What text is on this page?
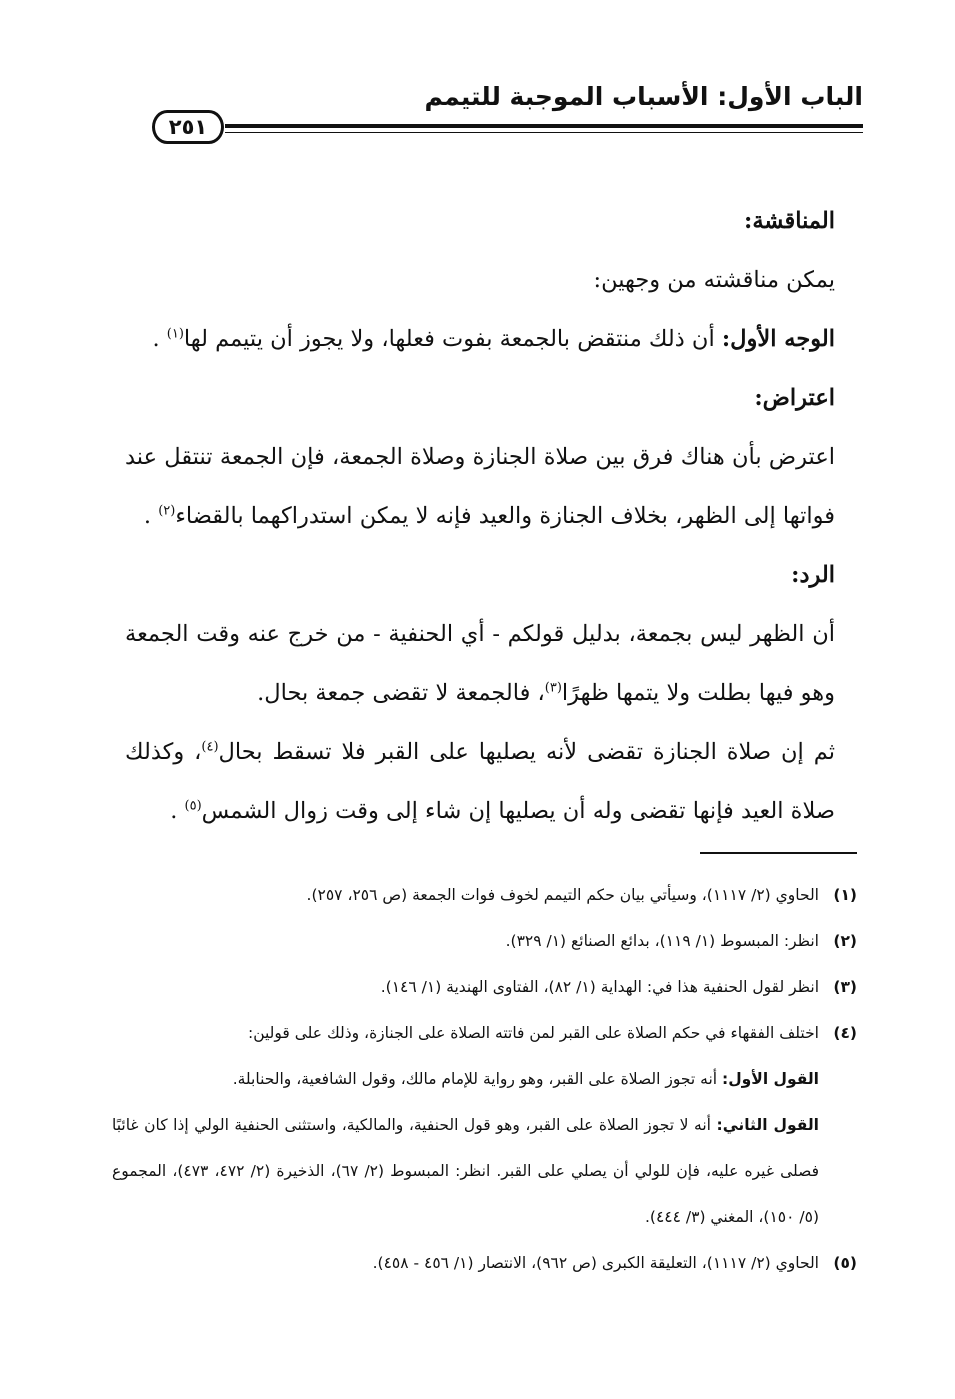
الباب الأول: الأسباب الموجبة للتيمم
٢٥١

المناقشة:

يمكن مناقشته من وجهين:

الوجه الأول: أن ذلك منتقض بالجمعة بفوت فعلها، ولا يجوز أن يتيمم لها$^{(١)}$ .

اعتراض:

اعترض بأن هناك فرق بين صلاة الجنازة وصلاة الجمعة، فإن الجمعة تنتقل عند فواتها إلى الظهر، بخلاف الجنازة والعيد فإنه لا يمكن استدراكهما بالقضاء$^{(٢)}$ .

الرد:

أن الظهر ليس بجمعة، بدليل قولكم - أي الحنفية - من خرج عنه وقت الجمعة وهو فيها بطلت ولا يتمها ظهرًا$^{(٣)}$، فالجمعة لا تقضى جمعة بحال.

ثم إن صلاة الجنازة تقضى لأنه يصليها على القبر فلا تسقط بحال$^{(٤)}$، وكذلك صلاة العيد فإنها تقضى وله أن يصليها إن شاء إلى وقت زوال الشمس$^{(٥)}$ .

(١)
الحاوي (٢/ ١١١٧)، وسيأتي بيان حكم التيمم لخوف فوات الجمعة (ص ٢٥٦، ٢٥٧).
(٢)
انظر: المبسوط (١/ ١١٩)، بدائع الصنائع (١/ ٣٢٩).
(٣)
انظر لقول الحنفية هذا في: الهداية (١/ ٨٢)، الفتاوى الهندية (١/ ١٤٦).
(٤)
اختلف الفقهاء في حكم الصلاة على القبر لمن فاتته الصلاة على الجنازة، وذلك على قولين:
القول الأول: أنه تجوز الصلاة على القبر، وهو رواية للإمام مالك، وقول الشافعية، والحنابلة.
القول الثاني: أنه لا تجوز الصلاة على القبر، وهو قول الحنفية، والمالكية، واستثنى الحنفية الولي إذا كان غائبًا فصلى غيره عليه، فإن للولي أن يصلي على القبر. انظر: المبسوط (٢/ ٦٧)، الذخيرة (٢/ ٤٧٢، ٤٧٣)، المجموع (٥/ ١٥٠)، المغني (٣/ ٤٤٤).
(٥)
الحاوي (٢/ ١١١٧)، التعليقة الكبرى (ص ٩٦٢)، الانتصار (١/ ٤٥٦ - ٤٥٨).
